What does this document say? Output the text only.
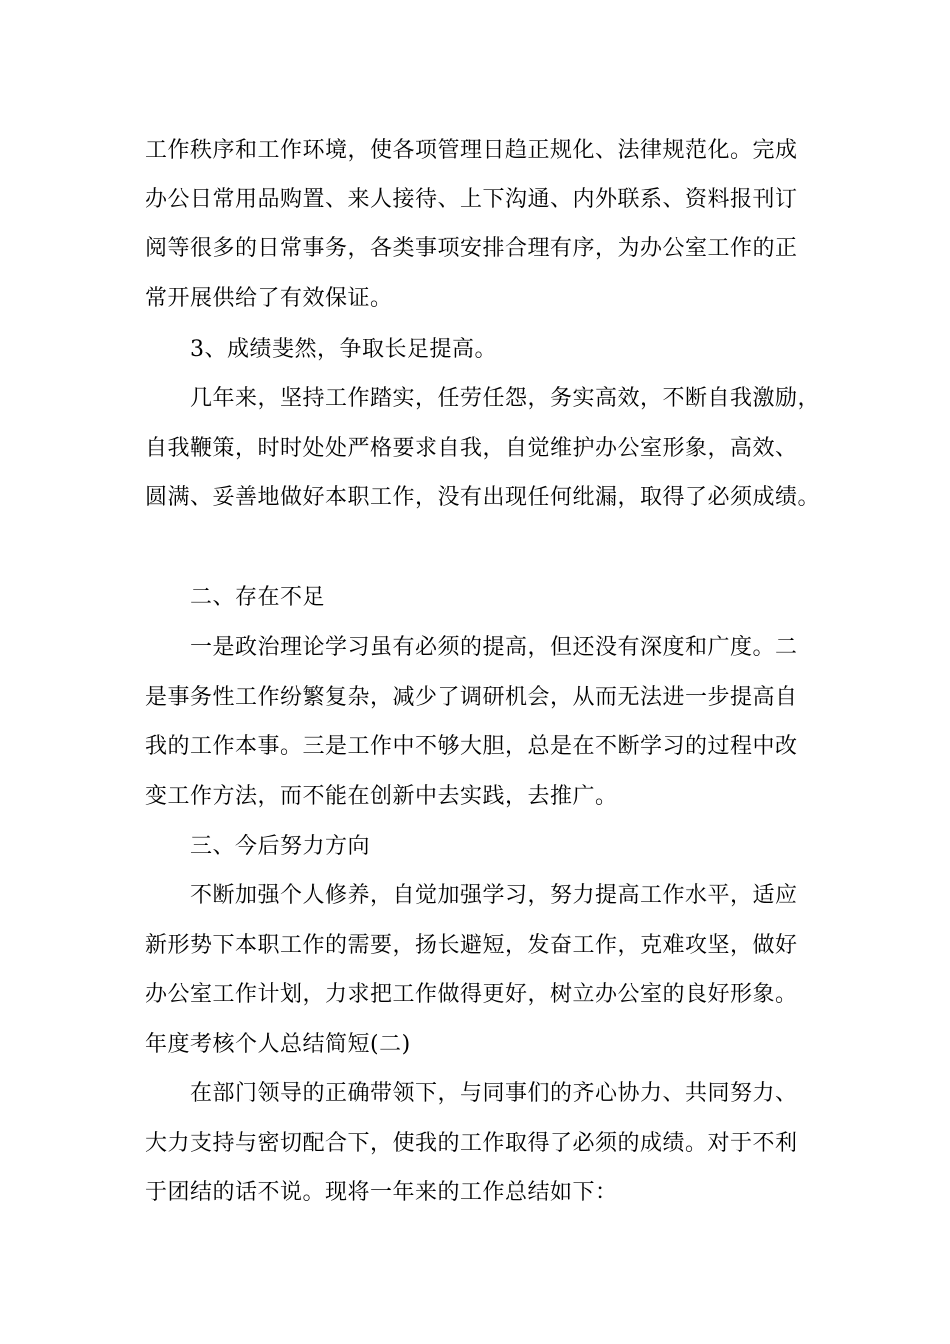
工作秩序和工作环境，使各项管理日趋正规化、法律规范化。完成
办公日常用品购置、来人接待、上下沟通、内外联系、资料报刊订
阅等很多的日常事务，各类事项安排合理有序，为办公室工作的正
常开展供给了有效保证。
3、成绩斐然，争取长足提高。
几年来，坚持工作踏实，任劳任怨，务实高效，不断自我激励，
自我鞭策，时时处处严格要求自我，自觉维护办公室形象，高效、
圆满、妥善地做好本职工作，没有出现任何纰漏，取得了必须成绩。
二、存在不足
一是政治理论学习虽有必须的提高，但还没有深度和广度。二
是事务性工作纷繁复杂，减少了调研机会，从而无法进一步提高自
我的工作本事。三是工作中不够大胆，总是在不断学习的过程中改
变工作方法，而不能在创新中去实践，去推广。
三、今后努力方向
不断加强个人修养，自觉加强学习，努力提高工作水平，适应
新形势下本职工作的需要，扬长避短，发奋工作，克难攻坚，做好
办公室工作计划，力求把工作做得更好，树立办公室的良好形象。
年度考核个人总结简短(二)
在部门领导的正确带领下，与同事们的齐心协力、共同努力、
大力支持与密切配合下，使我的工作取得了必须的成绩。对于不利
于团结的话不说。现将一年来的工作总结如下：
